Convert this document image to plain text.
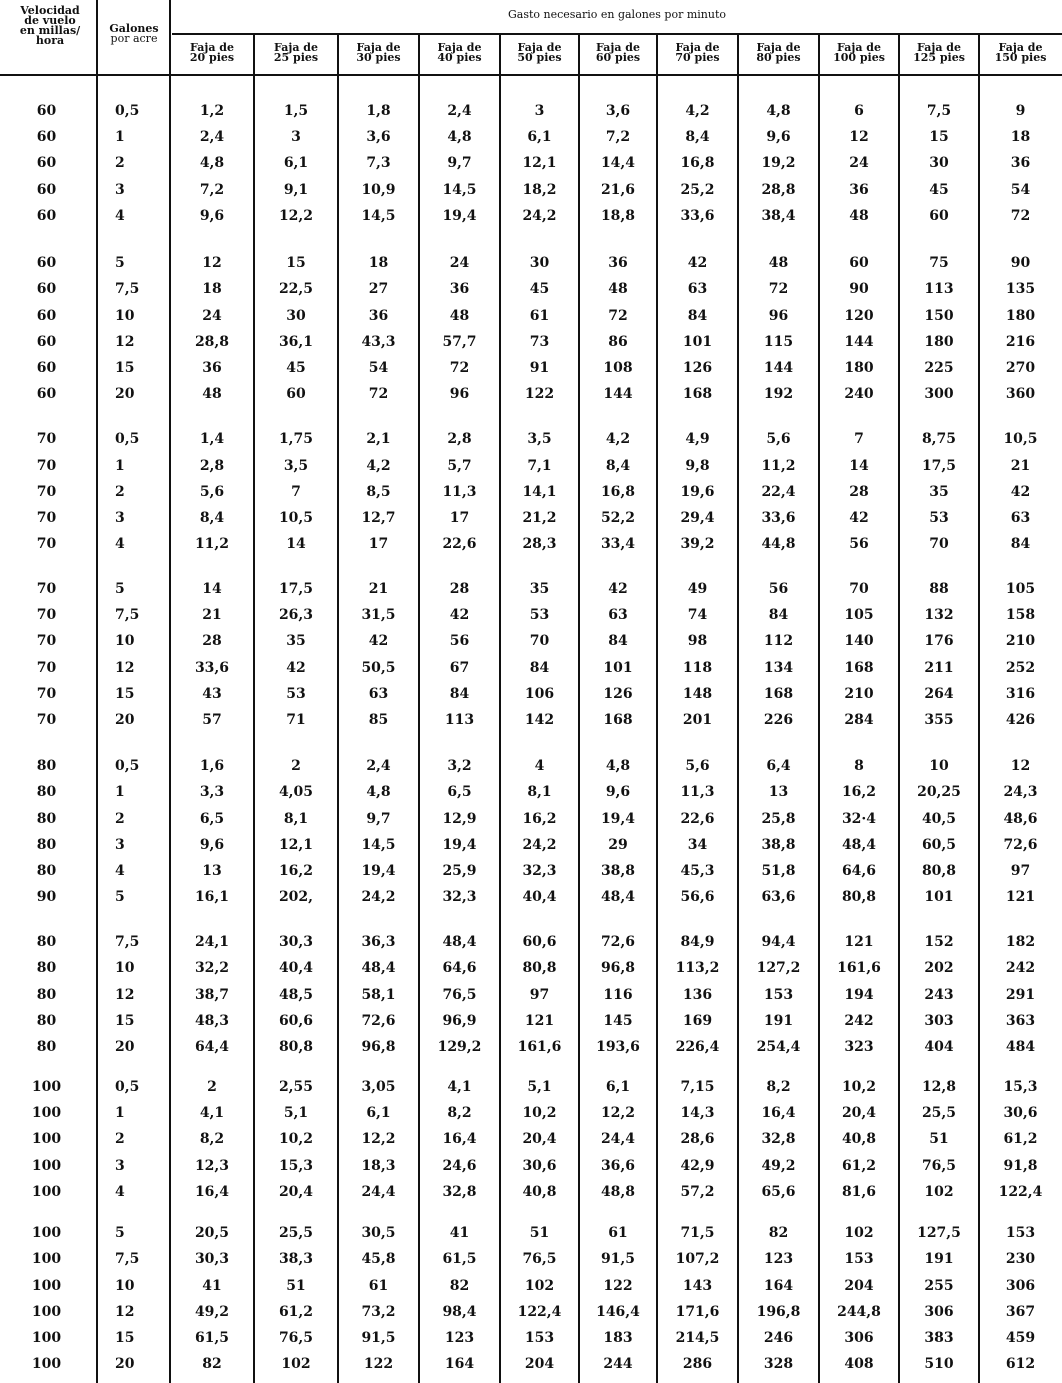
Velocidad
de vuelo
en millas/
hora
Galones
por acre
Gasto necesario en galones por minuto
Faja de
20 pies
Faja de
25 pies
Faja de
30 pies
Faja de
40 pies
Faja de
50 pies
Faja de
60 pies
Faja de
70 pies
Faja de
80 pies
Faja de
100 pies
Faja de
125 pies
Faja de
150 pies
60	0,5	1,2	1,5	1,8	2,4	3	3,6	4,2	4,8	6	7,5	9
60	1	2,4	3	3,6	4,8	6,1	7,2	8,4	9,6	12	15	18
60	2	4,8	6,1	7,3	9,7	12,1	14,4	16,8	19,2	24	30	36
60	3	7,2	9,1	10,9	14,5	18,2	21,6	25,2	28,8	36	45	54
60	4	9,6	12,2	14,5	19,4	24,2	18,8	33,6	38,4	48	60	72
60	5	12	15	18	24	30	36	42	48	60	75	90
60	7,5	18	22,5	27	36	45	48	63	72	90	113	135
60	10	24	30	36	48	61	72	84	96	120	150	180
60	12	28,8	36,1	43,3	57,7	73	86	101	115	144	180	216
60	15	36	45	54	72	91	108	126	144	180	225	270
60	20	48	60	72	96	122	144	168	192	240	300	360
70	0,5	1,4	1,75	2,1	2,8	3,5	4,2	4,9	5,6	7	8,75	10,5
70	1	2,8	3,5	4,2	5,7	7,1	8,4	9,8	11,2	14	17,5	21
70	2	5,6	7	8,5	11,3	14,1	16,8	19,6	22,4	28	35	42
70	3	8,4	10,5	12,7	17	21,2	52,2	29,4	33,6	42	53	63
70	4	11,2	14	17	22,6	28,3	33,4	39,2	44,8	56	70	84
70	5	14	17,5	21	28	35	42	49	56	70	88	105
70	7,5	21	26,3	31,5	42	53	63	74	84	105	132	158
70	10	28	35	42	56	70	84	98	112	140	176	210
70	12	33,6	42	50,5	67	84	101	118	134	168	211	252
70	15	43	53	63	84	106	126	148	168	210	264	316
70	20	57	71	85	113	142	168	201	226	284	355	426
80	0,5	1,6	2	2,4	3,2	4	4,8	5,6	6,4	8	10	12
80	1	3,3	4,05	4,8	6,5	8,1	9,6	11,3	13	16,2	20,25	24,3
80	2	6,5	8,1	9,7	12,9	16,2	19,4	22,6	25,8	32·4	40,5	48,6
80	3	9,6	12,1	14,5	19,4	24,2	29	34	38,8	48,4	60,5	72,6
80	4	13	16,2	19,4	25,9	32,3	38,8	45,3	51,8	64,6	80,8	97
90	5	16,1	202,	24,2	32,3	40,4	48,4	56,6	63,6	80,8	101	121
80	7,5	24,1	30,3	36,3	48,4	60,6	72,6	84,9	94,4	121	152	182
80	10	32,2	40,4	48,4	64,6	80,8	96,8	113,2	127,2	161,6	202	242
80	12	38,7	48,5	58,1	76,5	97	116	136	153	194	243	291
80	15	48,3	60,6	72,6	96,9	121	145	169	191	242	303	363
80	20	64,4	80,8	96,8	129,2	161,6	193,6	226,4	254,4	323	404	484
100	0,5	2	2,55	3,05	4,1	5,1	6,1	7,15	8,2	10,2	12,8	15,3
100	1	4,1	5,1	6,1	8,2	10,2	12,2	14,3	16,4	20,4	25,5	30,6
100	2	8,2	10,2	12,2	16,4	20,4	24,4	28,6	32,8	40,8	51	61,2
100	3	12,3	15,3	18,3	24,6	30,6	36,6	42,9	49,2	61,2	76,5	91,8
100	4	16,4	20,4	24,4	32,8	40,8	48,8	57,2	65,6	81,6	102	122,4
100	5	20,5	25,5	30,5	41	51	61	71,5	82	102	127,5	153
100	7,5	30,3	38,3	45,8	61,5	76,5	91,5	107,2	123	153	191	230
100	10	41	51	61	82	102	122	143	164	204	255	306
100	12	49,2	61,2	73,2	98,4	122,4	146,4	171,6	196,8	244,8	306	367
100	15	61,5	76,5	91,5	123	153	183	214,5	246	306	383	459
100	20	82	102	122	164	204	244	286	328	408	510	612
